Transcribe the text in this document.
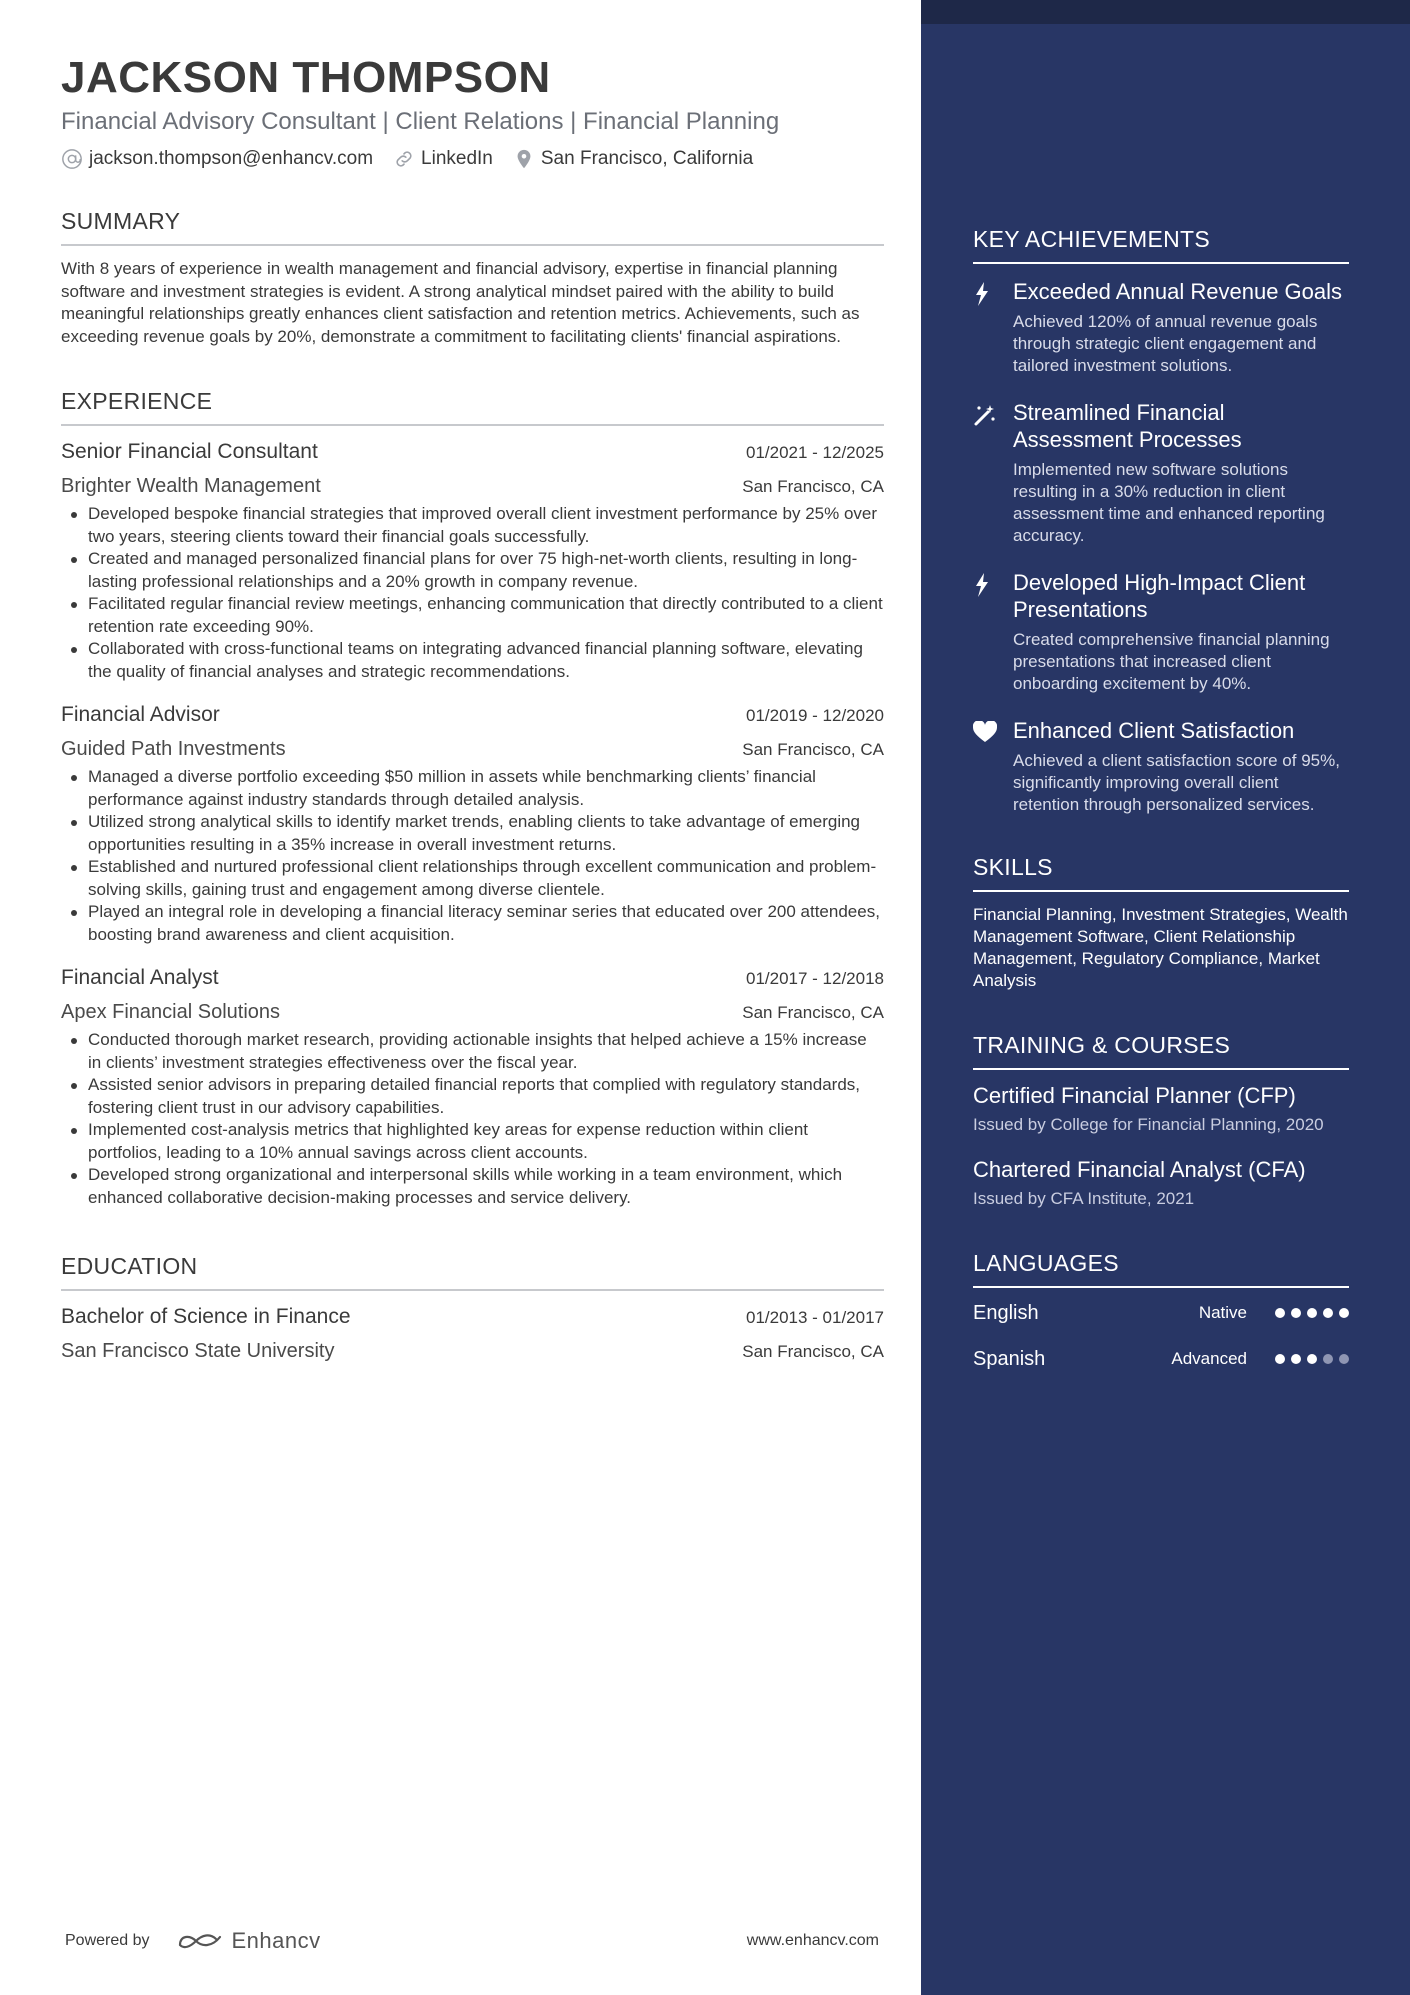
JACKSON THOMPSON
Financial Advisory Consultant | Client Relations | Financial Planning
jackson.thompson@enhancv.com	LinkedIn	San Francisco, California
SUMMARY
With 8 years of experience in wealth management and financial advisory, expertise in financial planning software and investment strategies is evident. A strong analytical mindset paired with the ability to build meaningful relationships greatly enhances client satisfaction and retention metrics. Achievements, such as exceeding revenue goals by 20%, demonstrate a commitment to facilitating clients' financial aspirations.
EXPERIENCE
Senior Financial Consultant	01/2021 - 12/2025
Brighter Wealth Management	San Francisco, CA
Developed bespoke financial strategies that improved overall client investment performance by 25% over two years, steering clients toward their financial goals successfully.
Created and managed personalized financial plans for over 75 high-net-worth clients, resulting in long-lasting professional relationships and a 20% growth in company revenue.
Facilitated regular financial review meetings, enhancing communication that directly contributed to a client retention rate exceeding 90%.
Collaborated with cross-functional teams on integrating advanced financial planning software, elevating the quality of financial analyses and strategic recommendations.
Financial Advisor	01/2019 - 12/2020
Guided Path Investments	San Francisco, CA
Managed a diverse portfolio exceeding $50 million in assets while benchmarking clients’ financial performance against industry standards through detailed analysis.
Utilized strong analytical skills to identify market trends, enabling clients to take advantage of emerging opportunities resulting in a 35% increase in overall investment returns.
Established and nurtured professional client relationships through excellent communication and problem-solving skills, gaining trust and engagement among diverse clientele.
Played an integral role in developing a financial literacy seminar series that educated over 200 attendees, boosting brand awareness and client acquisition.
Financial Analyst	01/2017 - 12/2018
Apex Financial Solutions	San Francisco, CA
Conducted thorough market research, providing actionable insights that helped achieve a 15% increase in clients’ investment strategies effectiveness over the fiscal year.
Assisted senior advisors in preparing detailed financial reports that complied with regulatory standards, fostering client trust in our advisory capabilities.
Implemented cost-analysis metrics that highlighted key areas for expense reduction within client portfolios, leading to a 10% annual savings across client accounts.
Developed strong organizational and interpersonal skills while working in a team environment, which enhanced collaborative decision-making processes and service delivery.
EDUCATION
Bachelor of Science in Finance	01/2013 - 01/2017
San Francisco State University	San Francisco, CA
KEY ACHIEVEMENTS
Exceeded Annual Revenue Goals
Achieved 120% of annual revenue goals through strategic client engagement and tailored investment solutions.
Streamlined Financial Assessment Processes
Implemented new software solutions resulting in a 30% reduction in client assessment time and enhanced reporting accuracy.
Developed High-Impact Client Presentations
Created comprehensive financial planning presentations that increased client onboarding excitement by 40%.
Enhanced Client Satisfaction
Achieved a client satisfaction score of 95%, significantly improving overall client retention through personalized services.
SKILLS
Financial Planning, Investment Strategies, Wealth Management Software, Client Relationship Management, Regulatory Compliance, Market Analysis
TRAINING & COURSES
Certified Financial Planner (CFP)
Issued by College for Financial Planning, 2020
Chartered Financial Analyst (CFA)
Issued by CFA Institute, 2021
LANGUAGES
English	Native
Spanish	Advanced
Powered by	Enhancv	www.enhancv.com
